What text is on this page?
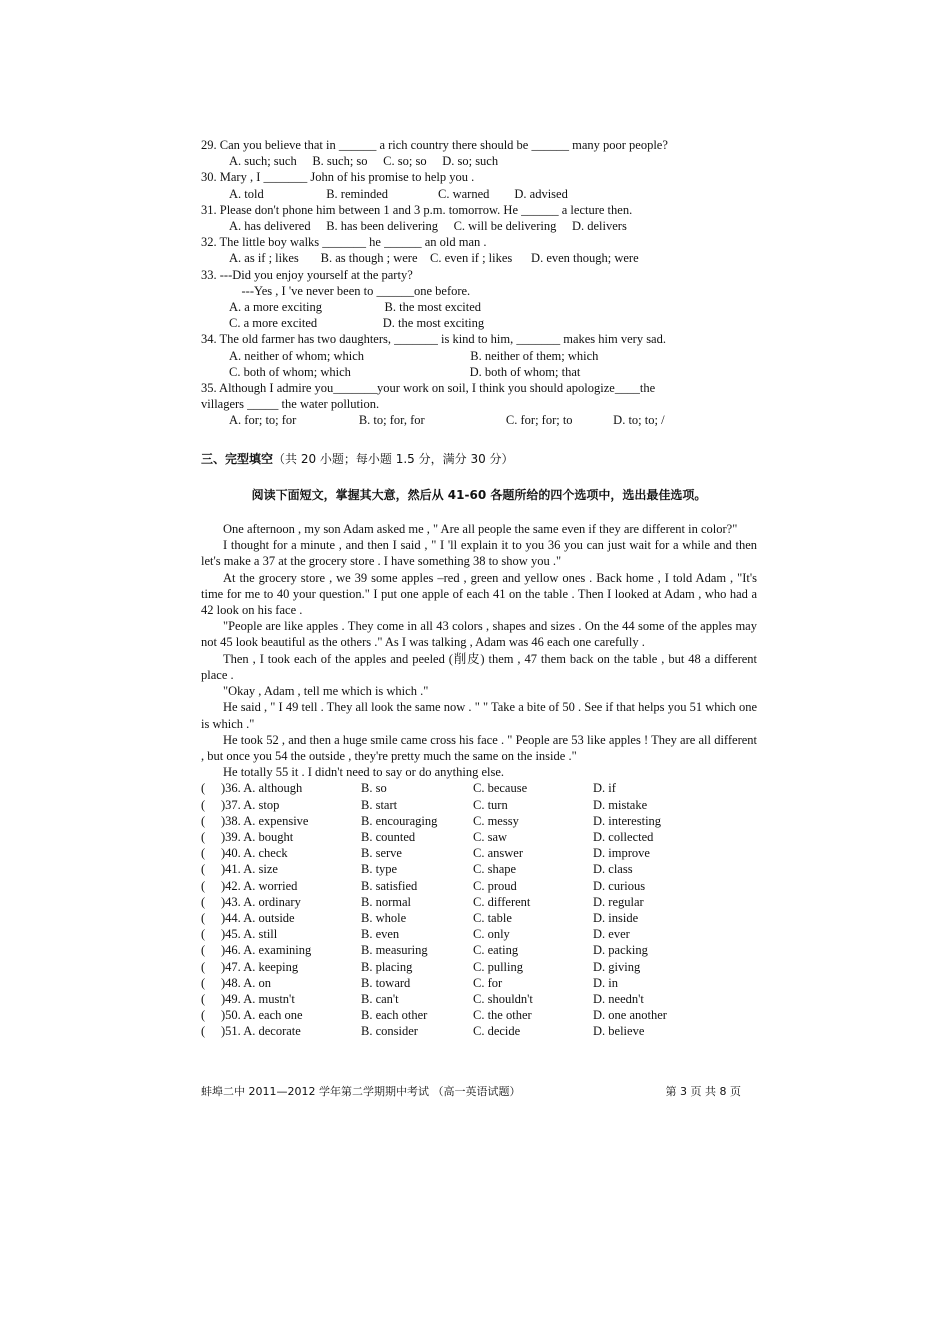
29. Can you believe that in ______ a rich country there should be ______ many poor people?
A. such; such     B. such; so     C. so; so     D. so; such
30. Mary , I _______ John of his promise to help you .
A. told                    B. reminded                C. warned        D. advised
31. Please don't phone him between 1 and 3 p.m. tomorrow. He ______ a lecture then.
A. has delivered     B. has been delivering     C. will be delivering     D. delivers
32. The little boy walks _______ he ______ an old man .
A. as if ; likes       B. as though ; were    C. even if ; likes      D. even though; were
33. ---Did you enjoy yourself at the party?
---Yes , I 've never been to ______one before.
A. a more exciting                    B. the most excited
C. a more excited                     D. the most exciting
34. The old farmer has two daughters, _______ is kind to him, _______ makes him very sad.
A. neither of whom; which                                  B. neither of them; which
C. both of whom; which                                      D. both of whom; that
35. Although I admire you_______your work on soil, I think you should apologize____the
villagers _____ the water pollution.
A. for; to; for                    B. to; for, for                          C. for; for; to             D. to; to; /
三、完型填空（共 20 小题；每小题 1.5 分，满分 30 分）
阅读下面短文，掌握其大意，然后从 41-60 各题所给的四个选项中，选出最佳选项。
One afternoon , my son Adam asked me , " Are all people the same even if they are different in color?"
I thought for a minute , and then I said , " I 'll explain it to you 36 you can just wait for a while and then let's make a 37 at the grocery store . I have something 38 to show you ."
At the grocery store , we 39 some apples –red , green and yellow ones . Back home , I told Adam , "It's time for me to 40 your question." I put one apple of each 41 on the table . Then I looked at Adam , who had a 42 look on his face .
"People are like apples . They come in all 43 colors , shapes and sizes . On the 44 some of the apples may not 45 look beautiful as the others ." As I was talking , Adam was 46 each one carefully .
Then , I took each of the apples and peeled (削皮) them , 47 them back on the table , but 48 a different place .
"Okay , Adam , tell me which is which ."
He said , " I 49 tell . They all look the same now . " " Take a bite of 50 . See if that helps you 51 which one is which ."
He took 52 , and then a huge smile came cross his face . " People are 53 like apples ! They are all different , but once you 54 the outside , they're pretty much the same on the inside ."
He totally 55 it . I didn't need to say or do anything else.
(	)36. A. although	B. so	C. because	D. if
(	)37. A. stop	B. start	C. turn	D. mistake
(	)38. A. expensive	B. encouraging	C. messy	D. interesting
(	)39. A. bought	B. counted	C. saw	D. collected
(	)40. A. check	B. serve	C. answer	D. improve
(	)41. A. size	B. type	C. shape	D. class
(	)42. A. worried	B. satisfied	C. proud	D. curious
(	)43. A. ordinary	B. normal	C. different	D. regular
(	)44. A. outside	B. whole	C. table	D. inside
(	)45. A. still	B. even	C. only	D. ever
(	)46. A. examining	B. measuring	C. eating	D. packing
(	)47. A. keeping	B. placing	C. pulling	D. giving
(	)48. A. on	B. toward	C. for	D. in
(	)49. A. mustn't	B. can't	C. shouldn't	D. needn't
(	)50. A. each one	B. each other	C. the other	D. one another
(	)51. A. decorate	B. consider	C. decide	D. believe
蚌埠二中 2011—2012 学年第二学期期中考试 （高一英语试题）	第 3 页 共 8 页
